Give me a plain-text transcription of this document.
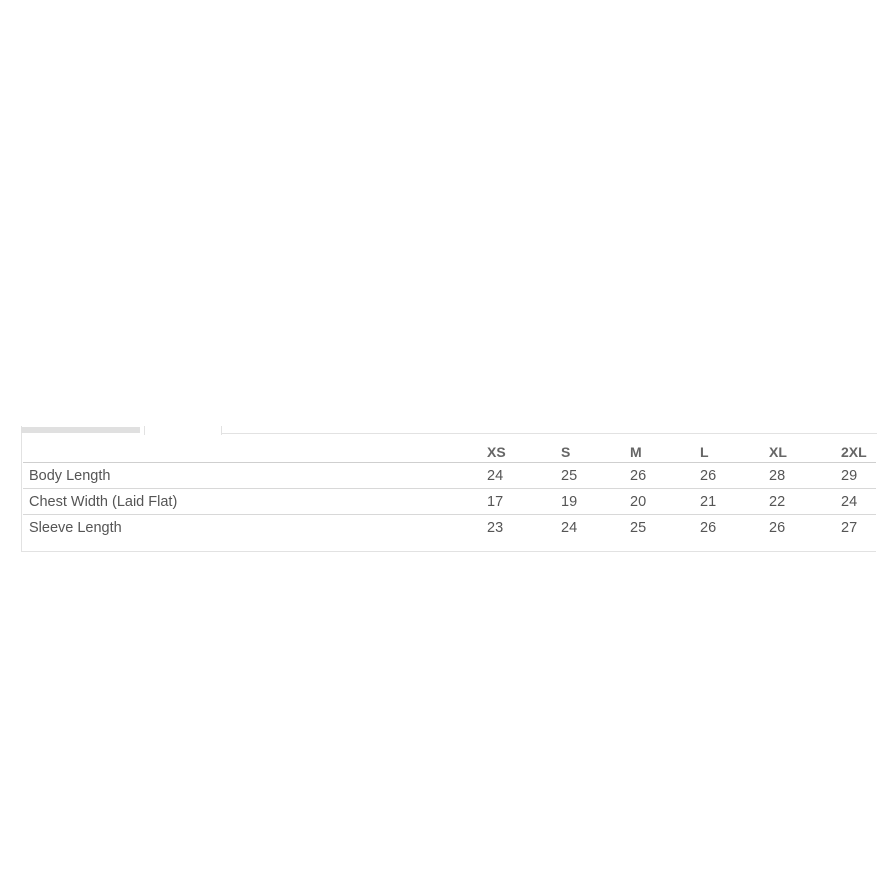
	XS	S	M	L	XL	2XL
Body Length	24	25	26	26	28	29
Chest Width (Laid Flat)	17	19	20	21	22	24
Sleeve Length	23	24	25	26	26	27
